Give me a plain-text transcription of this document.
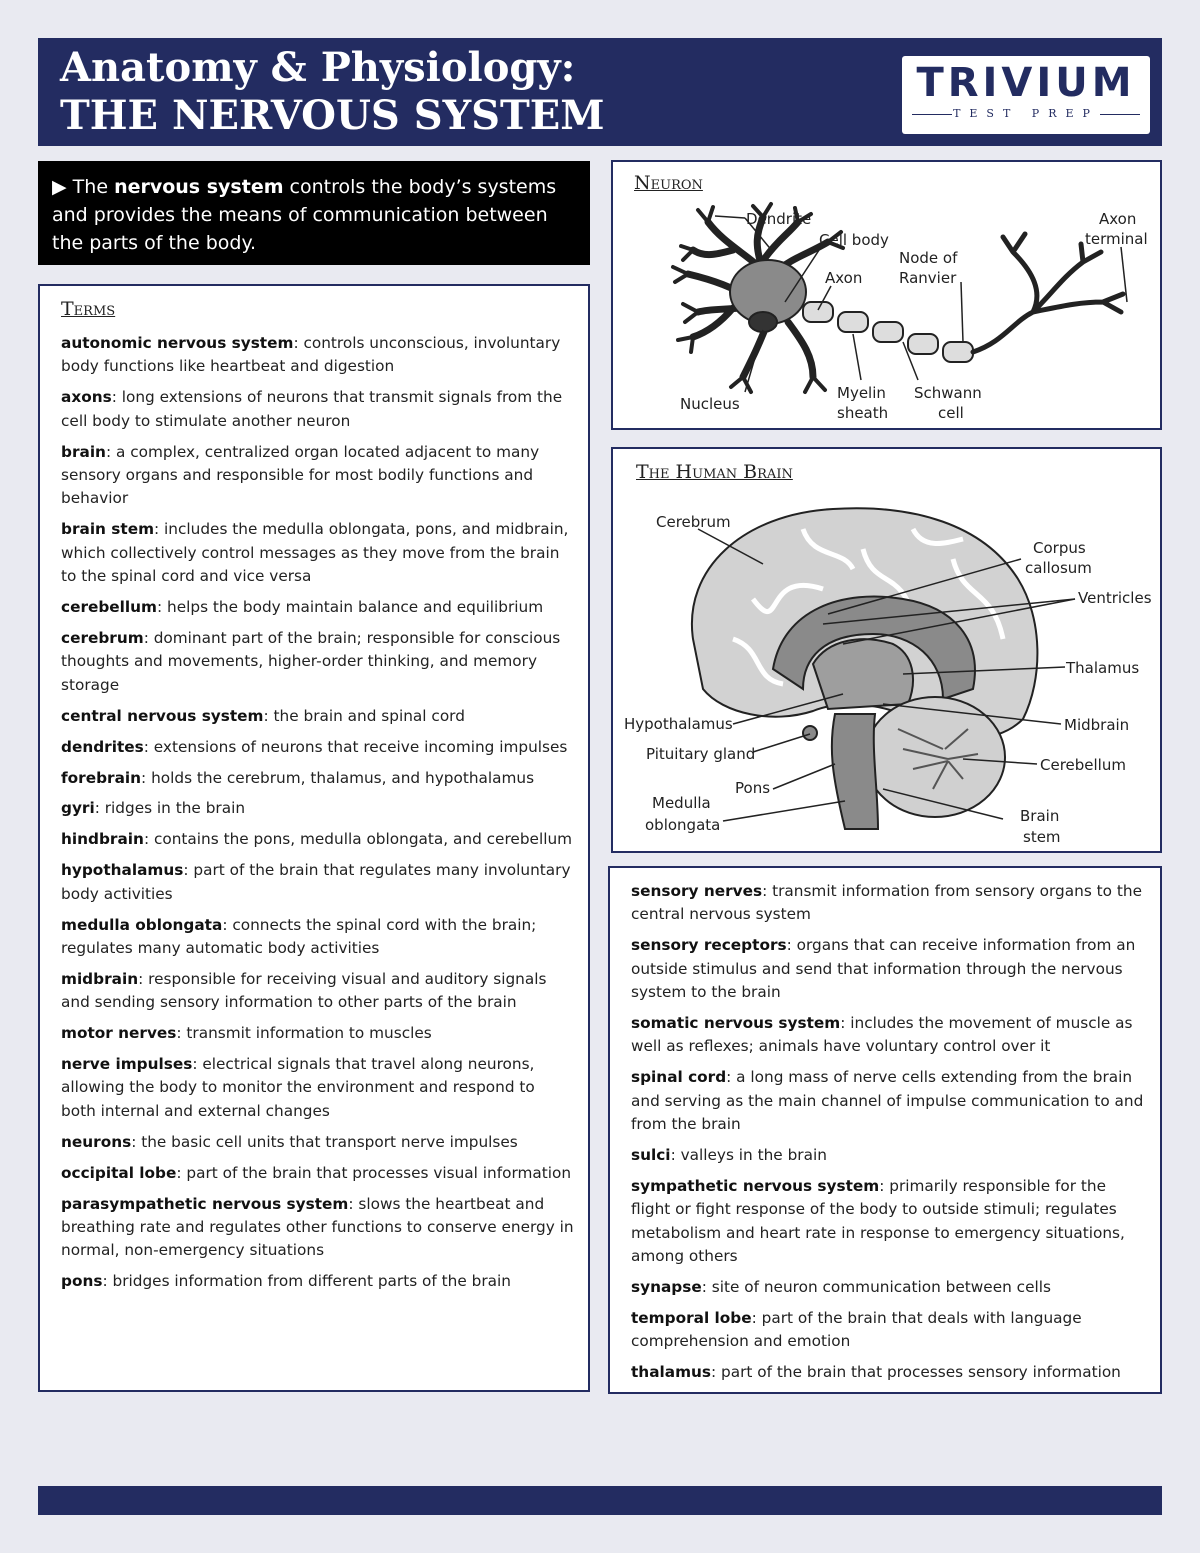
Anatomy & Physiology:
THE NERVOUS SYSTEM
TRIVIUM
TEST PREP
▶ The nervous system controls the body’s systems and provides the means of communication between the parts of the body.
Terms
autonomic nervous system: controls unconscious, involuntary body functions like heartbeat and digestion
axons: long extensions of neurons that transmit signals from the cell body to stimulate another neuron
brain: a complex, centralized organ located adjacent to many sensory organs and responsible for most bodily functions and behavior
brain stem: includes the medulla oblongata, pons, and midbrain, which collectively control messages as they move from the brain to the spinal cord and vice versa
cerebellum: helps the body maintain balance and equilibrium
cerebrum: dominant part of the brain; responsible for conscious thoughts and movements, higher-order thinking, and memory storage
central nervous system: the brain and spinal cord
dendrites: extensions of neurons that receive incoming impulses
forebrain: holds the cerebrum, thalamus, and hypothalamus
gyri: ridges in the brain
hindbrain: contains the pons, medulla oblongata, and cerebellum
hypothalamus: part of the brain that regulates many involuntary body activities
medulla oblongata: connects the spinal cord with the brain; regulates many automatic body activities
midbrain: responsible for receiving visual and auditory signals and sending sensory information to other parts of the brain
motor nerves: transmit information to muscles
nerve impulses: electrical signals that travel along neurons, allowing the body to monitor the environment and respond to both internal and external changes
neurons: the basic cell units that transport nerve impulses
occipital lobe: part of the brain that processes visual information
parasympathetic nervous system: slows the heartbeat and breathing rate and regulates other functions to conserve energy in normal, non-emergency situations
pons: bridges information from different parts of the brain
Neuron
Dendrite
Cell body
Axon
Node of
Ranvier
Axon
terminal
Nucleus
Myelin
sheath
Schwann
cell
The Human Brain
Cerebrum
Corpus
callosum
Ventricles
Thalamus
Hypothalamus	Midbrain
Pituitary gland
Cerebellum
Pons
Medulla
oblongata	Brain
stem
sensory nerves: transmit information from sensory organs to the central nervous system
sensory receptors: organs that can receive information from an outside stimulus and send that information through the nervous system to the brain
somatic nervous system: includes the movement of muscle as well as reflexes; animals have voluntary control over it
spinal cord: a long mass of nerve cells extending from the brain and serving as the main channel of impulse communication to and from the brain
sulci: valleys in the brain
sympathetic nervous system: primarily responsible for the flight or fight response of the body to outside stimuli; regulates metabolism and heart rate in response to emergency situations, among others
synapse: site of neuron communication between cells
temporal lobe: part of the brain that deals with language comprehension and emotion
thalamus: part of the brain that processes sensory information
